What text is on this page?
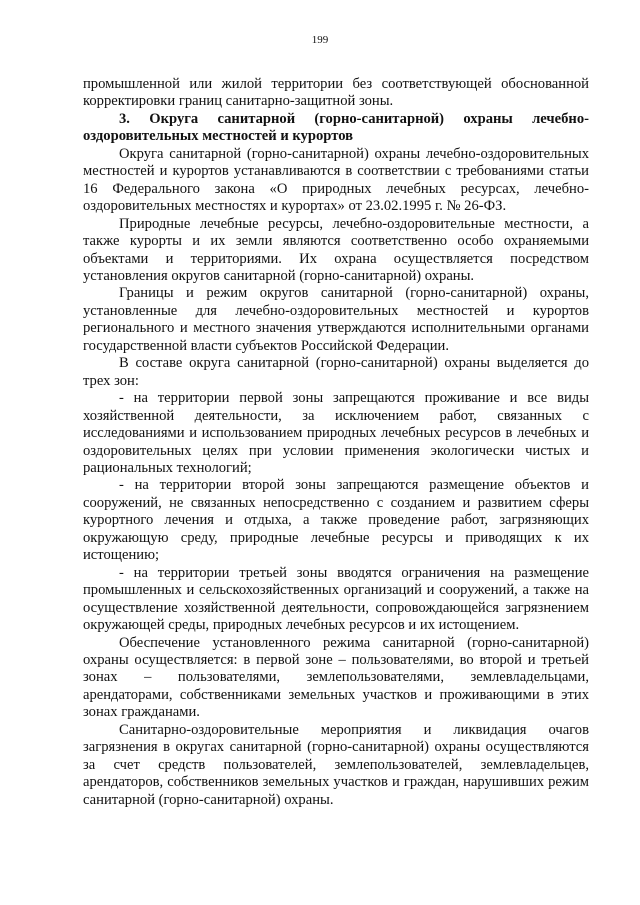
199

промышленной или жилой территории без соответствующей обоснованной корректировки границ санитарно-защитной зоны.

3. Округа санитарной (горно-санитарной) охраны лечебно-оздоровительных местностей и курортов

Округа санитарной (горно-санитарной) охраны лечебно-оздоровительных местностей и курортов устанавливаются в соответствии с требованиями статьи 16 Федерального закона «О природных лечебных ресурсах, лечебно-оздоровительных местностях и курортах» от 23.02.1995 г. № 26-ФЗ.

Природные лечебные ресурсы, лечебно-оздоровительные местности, а также курорты и их земли являются соответственно особо охраняемыми объектами и территориями. Их охрана осуществляется посредством установления округов санитарной (горно-санитарной) охраны.

Границы и режим округов санитарной (горно-санитарной) охраны, установленные для лечебно-оздоровительных местностей и курортов регионального и местного значения утверждаются исполнительными органами государственной власти субъектов Российской Федерации.

В составе округа санитарной (горно-санитарной) охраны выделяется до трех зон:

- на территории первой зоны запрещаются проживание и все виды хозяйственной деятельности, за исключением работ, связанных с исследованиями и использованием природных лечебных ресурсов в лечебных и оздоровительных целях при условии применения экологически чистых и рациональных технологий;

- на территории второй зоны запрещаются размещение объектов и сооружений, не связанных непосредственно с созданием и развитием сферы курортного лечения и отдыха, а также проведение работ, загрязняющих окружающую среду, природные лечебные ресурсы и приводящих к их истощению;

- на территории третьей зоны вводятся ограничения на размещение промышленных и сельскохозяйственных организаций и сооружений, а также на осуществление хозяйственной деятельности, сопровождающейся загрязнением окружающей среды, природных лечебных ресурсов и их истощением.

Обеспечение установленного режима санитарной (горно-санитарной) охраны осуществляется: в первой зоне – пользователями, во второй и третьей зонах – пользователями, землепользователями, землевладельцами, арендаторами, собственниками земельных участков и проживающими в этих зонах гражданами.

Санитарно-оздоровительные мероприятия и ликвидация очагов загрязнения в округах санитарной (горно-санитарной) охраны осуществляются за счет средств пользователей, землепользователей, землевладельцев, арендаторов, собственников земельных участков и граждан, нарушивших режим санитарной (горно-санитарной) охраны.
